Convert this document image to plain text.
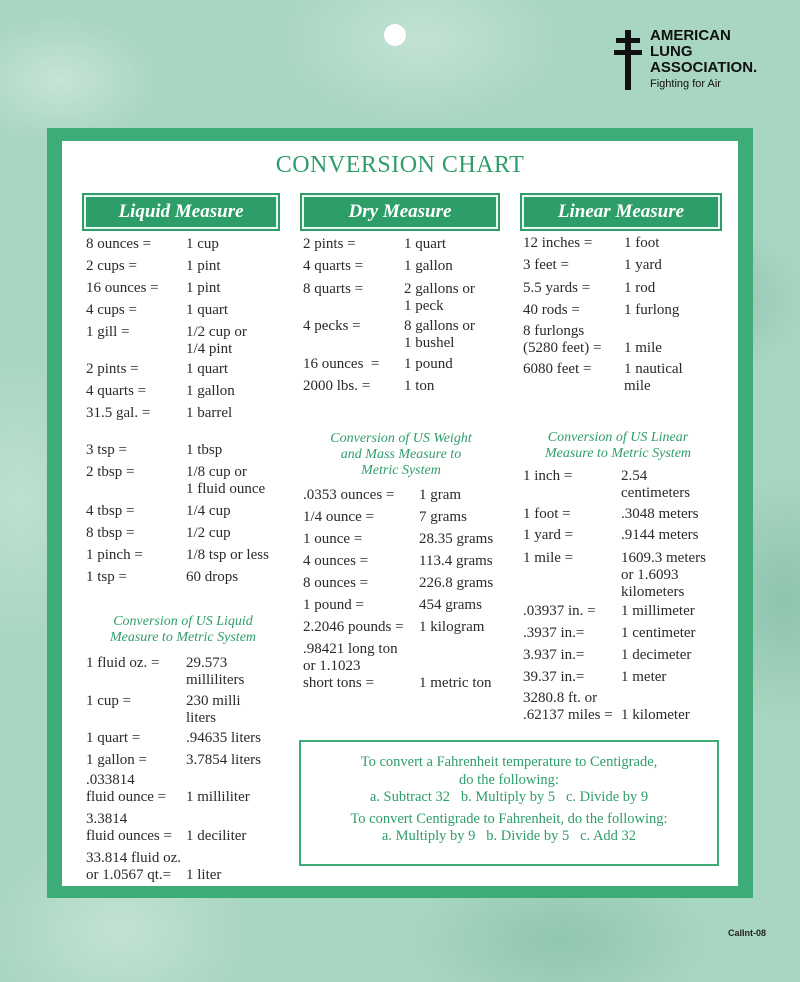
AMERICAN
LUNG
ASSOCIATION.
Fighting for Air
CONVERSION CHART
Liquid Measure	Dry Measure	Linear Measure
8 ounces = 1 cup
2 cups =	1 pint
16 ounces = 1 pint
4 cups =	1 quart
1 gill =	1/2 cup or
1/4 pint
2 pints =	1 quart
4 quarts =	1 gallon
31.5 gal. = 1 barrel
3 tsp =	1 tbsp
2 tbsp =	1/8 cup or
1 fluid ounce
4 tbsp =	1/4 cup
8 tbsp =	1/2 cup
1 pinch =	1/8 tsp or less
1 tsp =	60 drops
Conversion of US Liquid
Measure to Metric System
1 fluid oz. = 29.573
milliliters
1 cup =	230 milli
liters
1 quart =	.94635 liters
1 gallon =	3.7854 liters
.033814
fluid ounce = 1 milliliter
3.3814
fluid ounces = 1 deciliter
33.814 fluid oz.
or 1.0567 qt.= 1 liter
2 pints =	1 quart
4 quarts =	1 gallon
8 quarts =	2 gallons or
1 peck
4 pecks =	8 gallons or
1 bushel
16 ounces  = 1 pound
2000 lbs. = 1 ton
Conversion of US Weight
and Mass Measure to
Metric System
.0353 ounces = 1 gram
1/4 ounce =	7 grams
1 ounce =	28.35 grams
4 ounces =	113.4 grams
8 ounces =	226.8 grams
1 pound =	454 grams
2.2046 pounds = 1 kilogram
.98421 long ton
or 1.1023
short tons =	1 metric ton
12 inches = 1 foot
3 feet =	1 yard
5.5 yards = 1 rod
40 rods =	1 furlong
8 furlongs
(5280 feet) = 1 mile
6080 feet = 1 nautical
mile
Conversion of US Linear
Measure to Metric System
1 inch =	2.54
centimeters
1 foot =	.3048 meters
1 yard =	.9144 meters
1 mile =	1609.3 meters
or 1.6093
kilometers
.03937 in. = 1 millimeter
.3937 in.= 1 centimeter
3.937 in.= 1 decimeter
39.37 in.= 1 meter
3280.8 ft. or
.62137 miles = 1 kilometer

To convert a Fahrenheit temperature to Centigrade,

do the following:

a. Subtract 32   b. Multiply by 5   c. Divide by 9

To convert Centigrade to Fahrenheit, do the following:

a. Multiply by 9   b. Divide by 5   c. Add 32

CalInt-08
